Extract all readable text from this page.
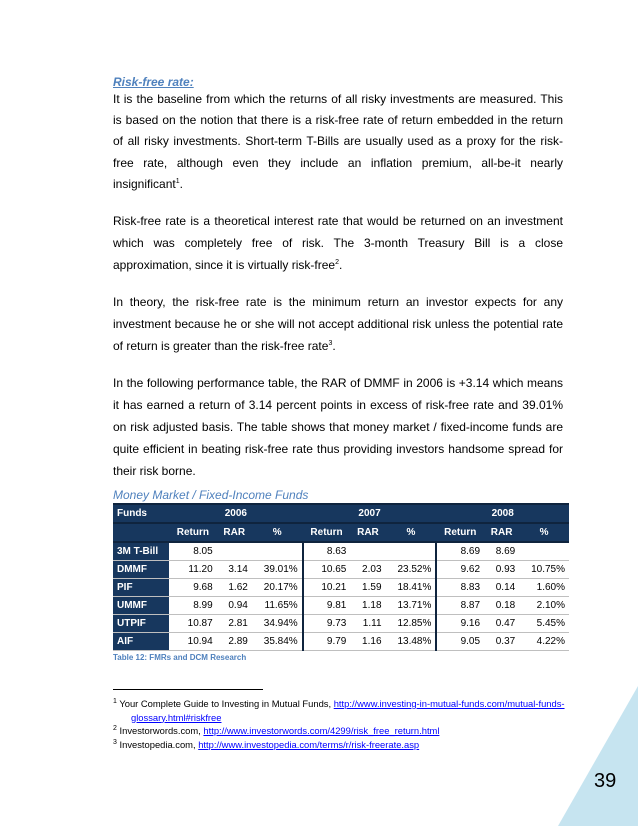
Risk-free rate:

It is the baseline from which the returns of all risky investments are measured. This is based on the notion that there is a risk-free rate of return embedded in the return of all risky investments. Short-term T-Bills are usually used as a proxy for the risk-free rate, although even they include an inflation premium, all-be-it nearly insignificant$^1$.

Risk-free rate is a theoretical interest rate that would be returned on an investment which was completely free of risk. The 3-month Treasury Bill is a close approximation, since it is virtually risk-free$^2$.

In theory, the risk-free rate is the minimum return an investor expects for any investment because he or she will not accept additional risk unless the potential rate of return is greater than the risk-free rate$^3$.

In the following performance table, the RAR of DMMF in 2006 is +3.14 which means it has earned a return of 3.14 percent points in excess of risk-free rate and 39.01% on risk adjusted basis. The table shows that money market / fixed-income funds are quite efficient in beating risk-free rate thus providing investors handsome spread for their risk borne.

Money Market / Fixed-Income Funds
Funds	2006			2007			2008		
	Return	RAR	%	Return	RAR	%	Return	RAR	%
3M T-Bill	8.05			8.63			8.69	8.69	
DMMF	11.20	3.14	39.01%	10.65	2.03	23.52%	9.62	0.93	10.75%
PIF	9.68	1.62	20.17%	10.21	1.59	18.41%	8.83	0.14	1.60%
UMMF	8.99	0.94	11.65%	9.81	1.18	13.71%	8.87	0.18	2.10%
UTPIF	10.87	2.81	34.94%	9.73	1.11	12.85%	9.16	0.47	5.45%
AIF	10.94	2.89	35.84%	9.79	1.16	13.48%	9.05	0.37	4.22%
Table 12: FMRs and DCM Research

$^1$ Your Complete Guide to Investing in Mutual Funds, http://www.investing-in-mutual-funds.com/mutual-funds-glossary.html#riskfree

$^2$ Investorwords.com, http://www.investorwords.com/4299/risk_free_return.html

$^3$ Investopedia.com, http://www.investopedia.com/terms/r/risk-freerate.asp

39
